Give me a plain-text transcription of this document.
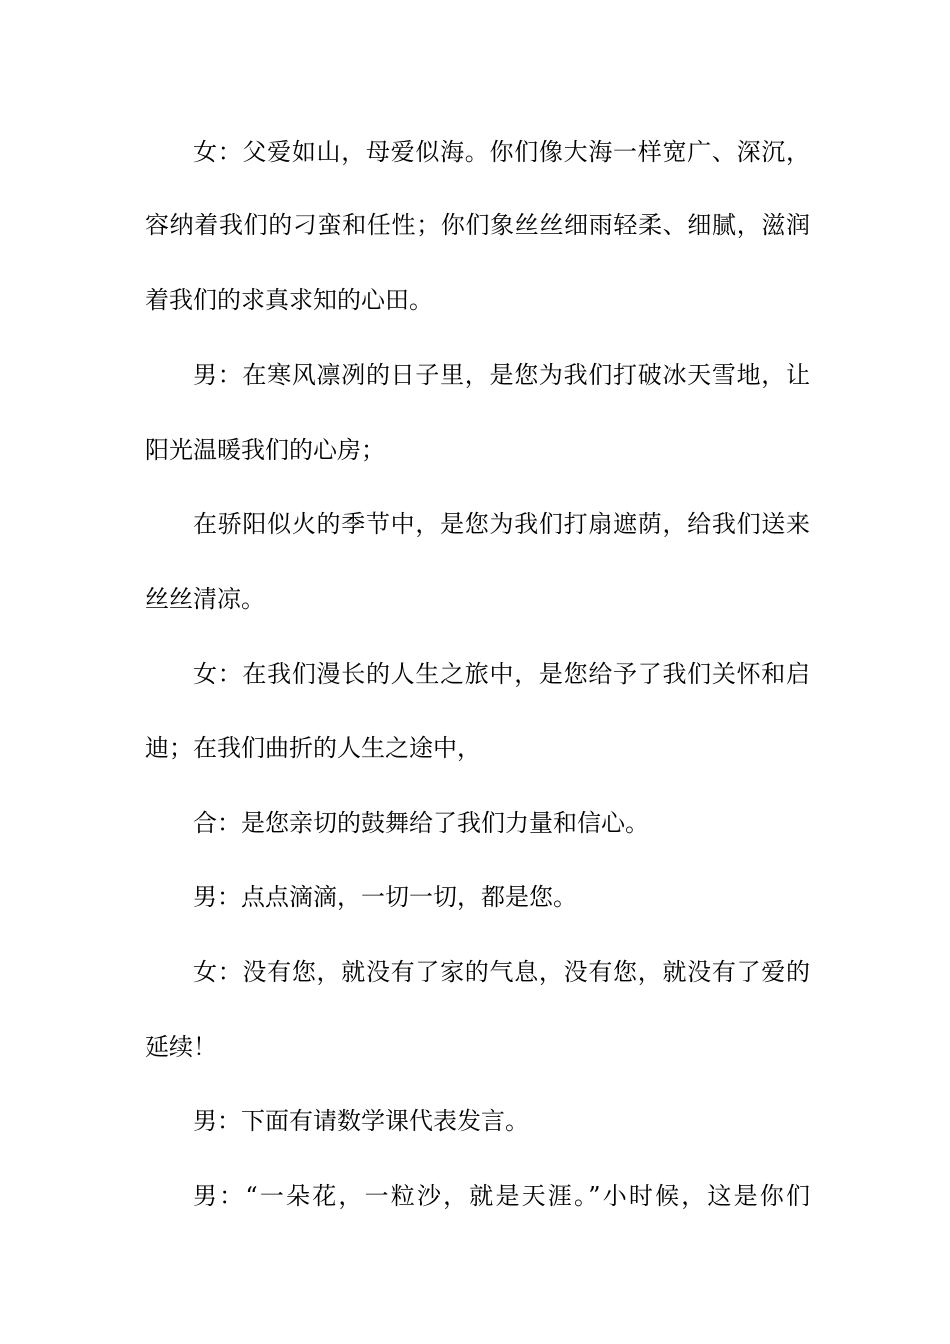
女：父爱如山，母爱似海。你们像大海一样宽广、深沉，
容纳着我们的刁蛮和任性；你们象丝丝细雨轻柔、细腻，滋润
着我们的求真求知的心田。
男：在寒风凛冽的日子里，是您为我们打破冰天雪地，让
阳光温暖我们的心房；
在骄阳似火的季节中，是您为我们打扇遮荫，给我们送来
丝丝清凉。
女：在我们漫长的人生之旅中，是您给予了我们关怀和启
迪；在我们曲折的人生之途中，
合：是您亲切的鼓舞给了我们力量和信心。
男：点点滴滴，一切一切，都是您。
女：没有您，就没有了家的气息，没有您，就没有了爱的
延续！
男：下面有请数学课代表发言。
男：“一朵花，一粒沙，就是天涯。”小时候，这是你们
